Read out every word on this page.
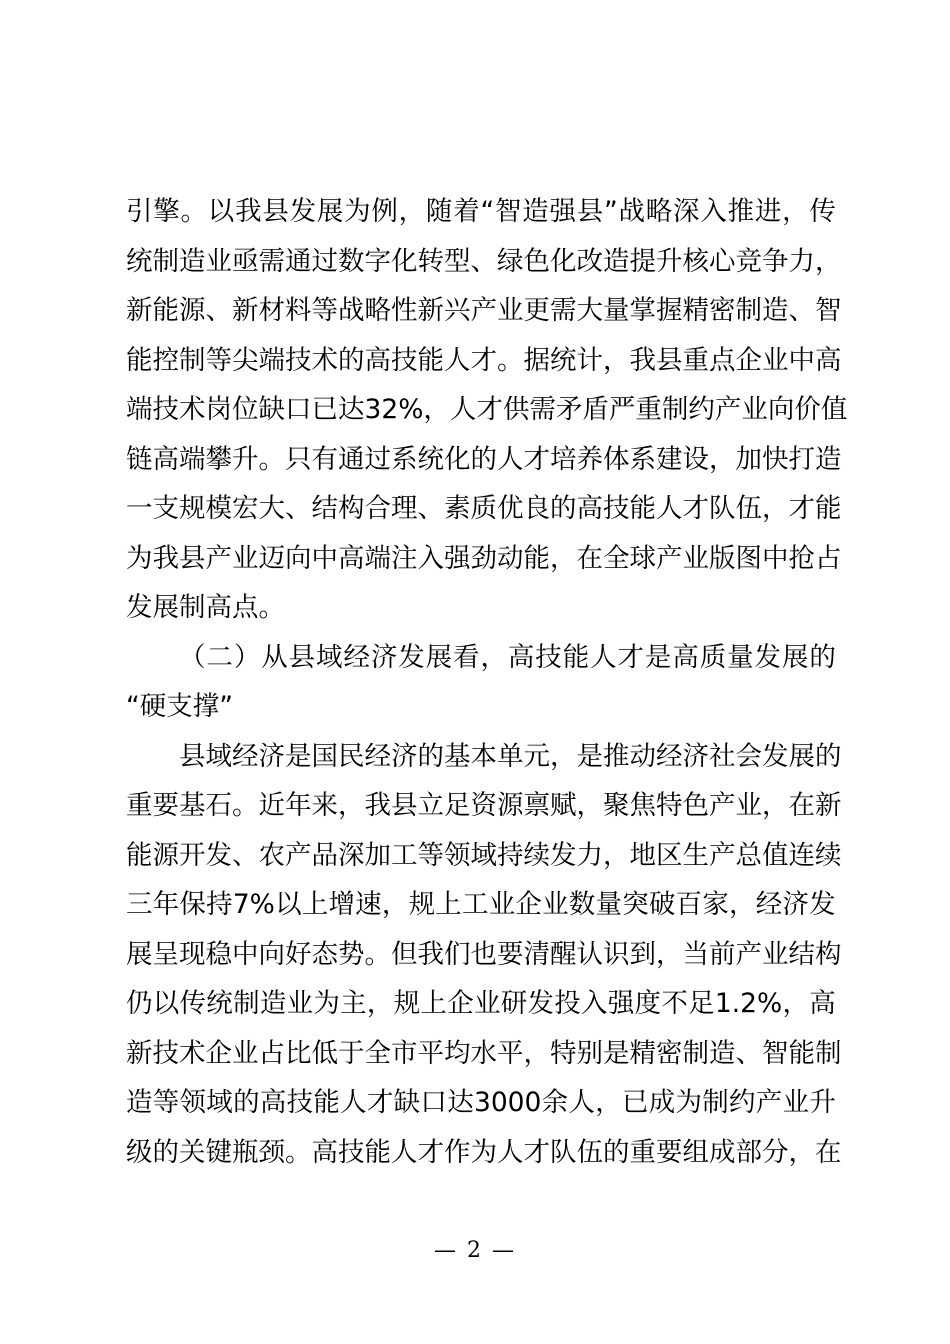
引 擎 。 以 我 县 发 展 为 例 ， 随 着 “ 智 造 强 县 ” 战 略 深 入 推 进 ， 传
统 制 造 业 亟 需 通 过 数 字 化 转 型 、 绿 色 化 改 造 提 升 核 心 竞 争 力 ，
新 能 源 、 新 材 料 等 战 略 性 新 兴 产 业 更 需 大 量 掌 握 精 密 制 造 、 智
能 控 制 等 尖 端 技 术 的 高 技 能 人 才 。 据 统 计 ， 我 县 重 点 企 业 中 高
端 技 术 岗 位 缺 口 已 达 32% ， 人 才 供 需 矛 盾 严 重 制 约 产 业 向 价 值
链 高 端 攀 升 。 只 有 通 过 系 统 化 的 人 才 培 养 体 系 建 设 ， 加 快 打 造
一 支 规 模 宏 大 、 结 构 合 理 、 素 质 优 良 的 高 技 能 人 才 队 伍 ， 才 能
为 我 县 产 业 迈 向 中 高 端 注 入 强 劲 动 能 ， 在 全 球 产 业 版 图 中 抢 占
发展制高点。
（ 二 ） 从 县 域 经 济 发 展 看 ， 高 技 能 人 才 是 高 质 量 发 展 的
“硬支撑”
县 域 经 济 是 国 民 经 济 的 基 本 单 元 ， 是 推 动 经 济 社 会 发 展 的
重 要 基 石 。 近 年 来 ， 我 县 立 足 资 源 禀 赋 ， 聚 焦 特 色 产 业 ， 在 新
能 源 开 发 、 农 产 品 深 加 工 等 领 域 持 续 发 力 ， 地 区 生 产 总 值 连 续
三 年 保 持 7% 以 上 增 速 ， 规 上 工 业 企 业 数 量 突 破 百 家 ， 经 济 发
展 呈 现 稳 中 向 好 态 势 。 但 我 们 也 要 清 醒 认 识 到 ， 当 前 产 业 结 构
仍 以 传 统 制 造 业 为 主 ， 规 上 企 业 研 发 投 入 强 度 不 足 1.2% ， 高
新 技 术 企 业 占 比 低 于 全 市 平 均 水 平 ， 特 别 是 精 密 制 造 、 智 能 制
造 等 领 域 的 高 技 能 人 才 缺 口 达 3000 余 人 ， 已 成 为 制 约 产 业 升
级 的 关 键 瓶 颈 。 高 技 能 人 才 作 为 人 才 队 伍 的 重 要 组 成 部 分 ， 在
— 2 —
